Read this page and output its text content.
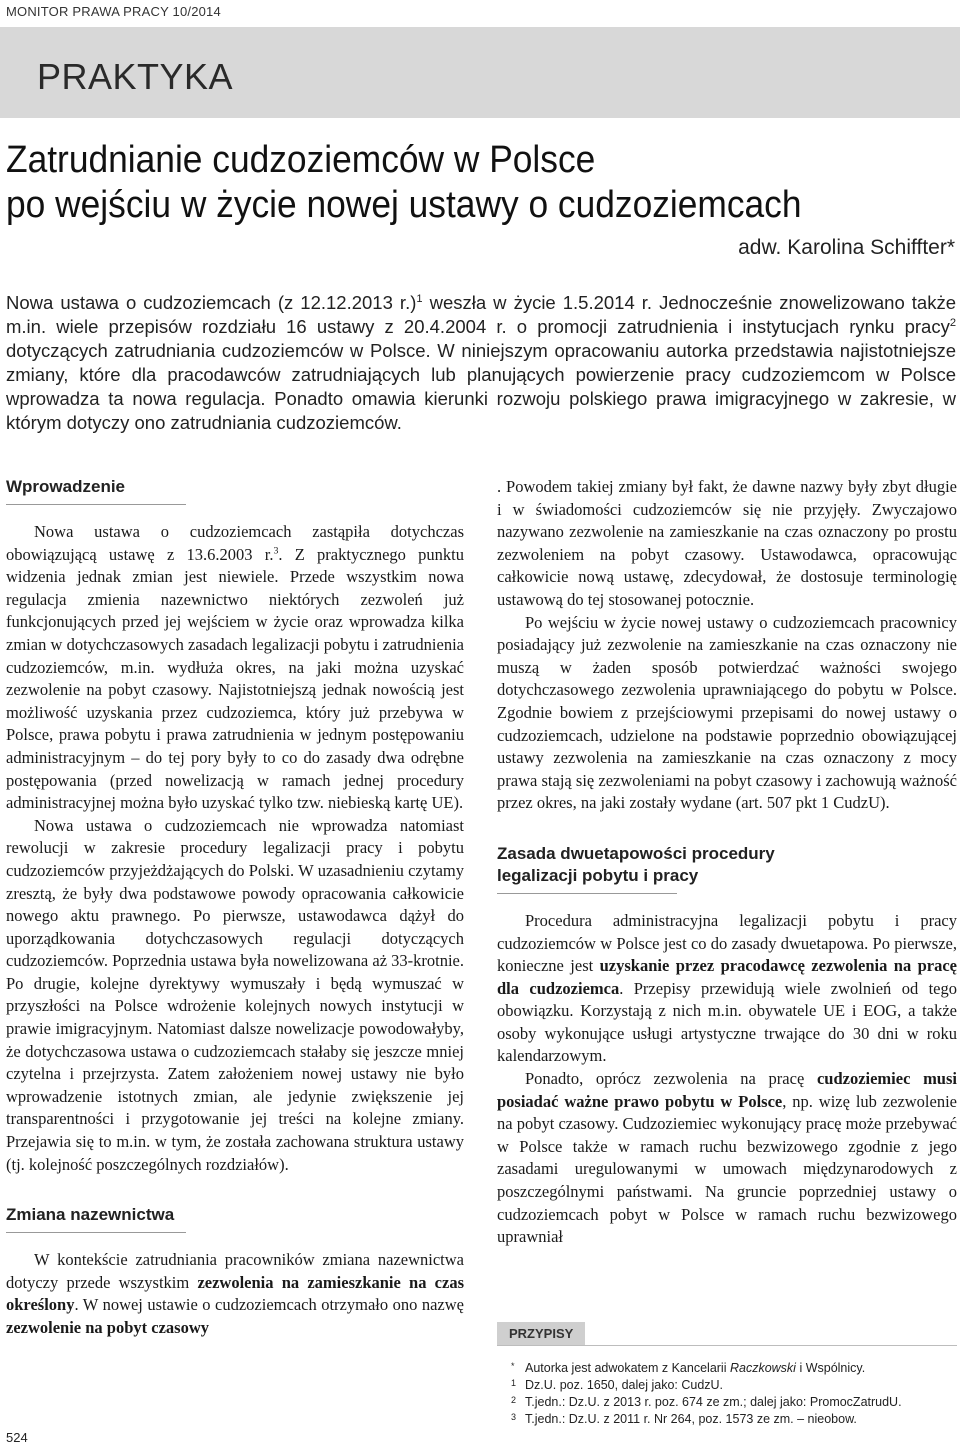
MONITOR PRAWA PRACY 10/2014
PRAKTYKA
Zatrudnianie cudzoziemców w Polsce
po wejściu w życie nowej ustawy o cudzoziemcach
adw. Karolina Schiffter*
Nowa ustawa o cudzoziemcach (z 12.12.2013 r.)$^1$ weszła w życie 1.5.2014 r. Jednocześnie znowelizowano także m.in. wiele przepisów rozdziału 16 ustawy z 20.4.2004 r. o promocji zatrudnienia i instytucjach rynku pracy$^2$ dotyczących zatrudniania cudzoziemców w Polsce. W niniejszym opracowaniu autorka przedstawia najistotniejsze zmiany, które dla pracodawców zatrudniających lub planujących powierzenie pracy cudzoziemcom w Polsce wprowadza ta nowa regulacja. Ponadto omawia kierunki rozwoju polskiego prawa imigracyjnego w zakresie, w którym dotyczy ono zatrudniania cudzoziemców.
Wprowadzenie

Nowa ustawa o cudzoziemcach zastąpiła dotychczas obowiązującą ustawę z 13.6.2003 r.$^3$. Z praktycznego punktu widzenia jednak zmian jest niewiele. Przede wszystkim nowa regulacja zmienia nazewnictwo niektórych zezwoleń już funkcjonujących przed jej wejściem w życie oraz wprowadza kilka zmian w dotychczasowych zasadach legalizacji pobytu i zatrudnienia cudzoziemców, m.in. wydłuża okres, na jaki można uzyskać zezwolenie na pobyt czasowy. Najistotniejszą jednak nowością jest możliwość uzyskania przez cudzoziemca, który już przebywa w Polsce, prawa pobytu i prawa zatrudnienia w jednym postępowaniu administracyjnym – do tej pory były to co do zasady dwa odrębne postępowania (przed nowelizacją w ramach jednej procedury administracyjnej można było uzyskać tylko tzw. niebieską kartę UE).

Nowa ustawa o cudzoziemcach nie wprowadza natomiast rewolucji w zakresie procedury legalizacji pracy i pobytu cudzoziemców przyjeżdżających do Polski. W uzasadnieniu czytamy zresztą, że były dwa podstawowe powody opracowania całkowicie nowego aktu prawnego. Po pierwsze, ustawodawca dążył do uporządkowania dotychczasowych regulacji dotyczących cudzoziemców. Poprzednia ustawa była nowelizowana aż 33-krotnie. Po drugie, kolejne dyrektywy wymuszały i będą wymuszać w przyszłości na Polsce wdrożenie kolejnych nowych instytucji w prawie imigracyjnym. Natomiast dalsze nowelizacje powodowałyby, że dotychczasowa ustawa o cudzoziemcach stałaby się jeszcze mniej czytelna i przejrzysta. Zatem założeniem nowej ustawy nie było wprowadzenie istotnych zmian, ale jedynie zwiększenie jej transparentności i przygotowanie jej treści na kolejne zmiany. Przejawia się to m.in. w tym, że została zachowana struktura ustawy (tj. kolejność poszczególnych rozdziałów).

Zmiana nazewnictwa

W kontekście zatrudniania pracowników zmiana nazewnictwa dotyczy przede wszystkim zezwolenia na zamieszkanie na czas określony. W nowej ustawie o cudzoziemcach otrzymało ono nazwę zezwolenie na pobyt czasowy

. Powodem takiej zmiany był fakt, że dawne nazwy były zbyt długie i w świadomości cudzoziemców się nie przyjęły. Zwyczajowo nazywano zezwolenie na zamieszkanie na czas oznaczony po prostu zezwoleniem na pobyt czasowy. Ustawodawca, opracowując całkowicie nową ustawę, zdecydował, że dostosuje terminologię ustawową do tej stosowanej potocznie.

Po wejściu w życie nowej ustawy o cudzoziemcach pracownicy posiadający już zezwolenie na zamieszkanie na czas oznaczony nie muszą w żaden sposób potwierdzać ważności swojego dotychczasowego zezwolenia uprawniającego do pobytu w Polsce. Zgodnie bowiem z przejściowymi przepisami do nowej ustawy o cudzoziemcach, udzielone na podstawie poprzednio obowiązującej ustawy zezwolenia na zamieszkanie na czas oznaczony z mocy prawa stają się zezwoleniami na pobyt czasowy i zachowują ważność przez okres, na jaki zostały wydane (art. 507 pkt 1 CudzU).

Zasada dwuetapowości procedury
legalizacji pobytu i pracy

Procedura administracyjna legalizacji pobytu i pracy cudzoziemców w Polsce jest co do zasady dwuetapowa. Po pierwsze, konieczne jest uzyskanie przez pracodawcę zezwolenia na pracę dla cudzoziemca. Przepisy przewidują wiele zwolnień od tego obowiązku. Korzystają z nich m.in. obywatele UE i EOG, a także osoby wykonujące usługi artystyczne trwające do 30 dni w roku kalendarzowym.

Ponadto, oprócz zezwolenia na pracę cudzoziemiec musi posiadać ważne prawo pobytu w Polsce, np. wizę lub zezwolenie na pobyt czasowy. Cudzoziemiec wykonujący pracę może przebywać w Polsce także w ramach ruchu bezwizowego zgodnie z jego zasadami uregulowanymi w umowach międzynarodowych z poszczególnymi państwami. Na gruncie poprzedniej ustawy o cudzoziemcach pobyt w Polsce w ramach ruchu bezwizowego uprawniał

PRZYPISY

* Autorka jest adwokatem z Kancelarii Raczkowski i Wspólnicy.

1 Dz.U. poz. 1650, dalej jako: CudzU.

2 T.jedn.: Dz.U. z 2013 r. poz. 674 ze zm.; dalej jako: PromocZatrudU.

3 T.jedn.: Dz.U. z 2011 r. Nr 264, poz. 1573 ze zm. – nieobow.

524
